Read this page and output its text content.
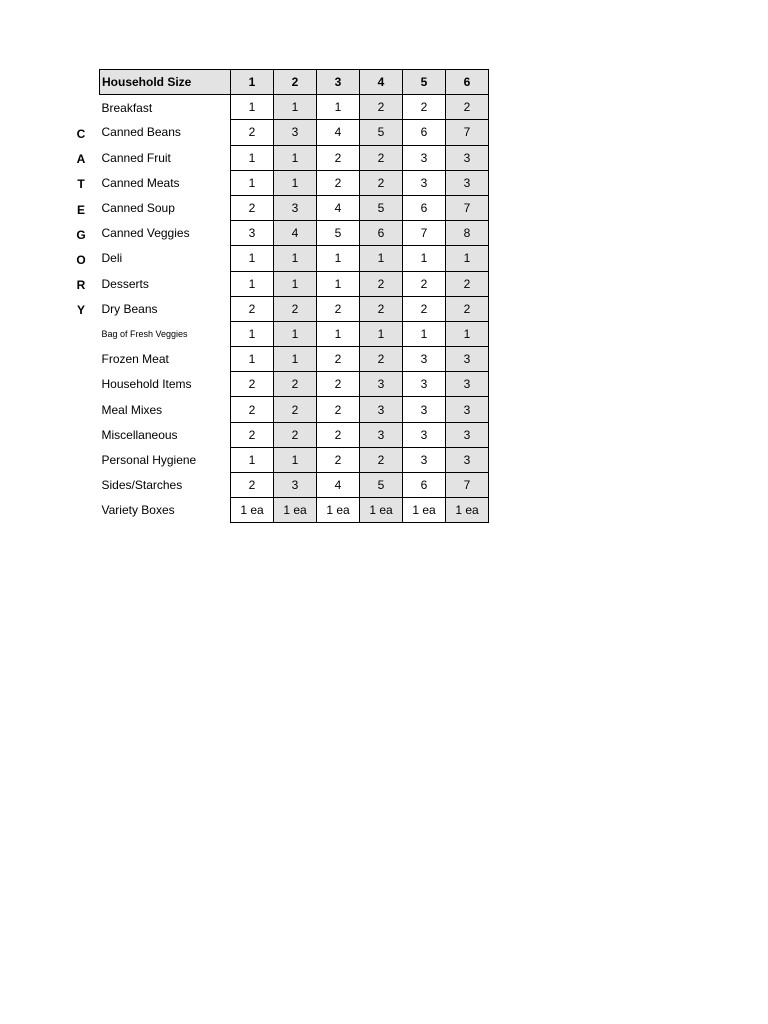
C
A
T
E
G
O
R
Y
Household Size	1	2	3	4	5	6
Breakfast	1	1	1	2	2	2
Canned Beans	2	3	4	5	6	7
Canned Fruit	1	1	2	2	3	3
Canned Meats	1	1	2	2	3	3
Canned Soup	2	3	4	5	6	7
Canned Veggies	3	4	5	6	7	8
Deli	1	1	1	1	1	1
Desserts	1	1	1	2	2	2
Dry Beans	2	2	2	2	2	2
Bag of Fresh Veggies	1	1	1	1	1	1
Frozen Meat	1	1	2	2	3	3
Household Items	2	2	2	3	3	3
Meal Mixes	2	2	2	3	3	3
Miscellaneous	2	2	2	3	3	3
Personal Hygiene	1	1	2	2	3	3
Sides/Starches	2	3	4	5	6	7
Variety Boxes	1 ea	1 ea	1 ea	1 ea	1 ea	1 ea
